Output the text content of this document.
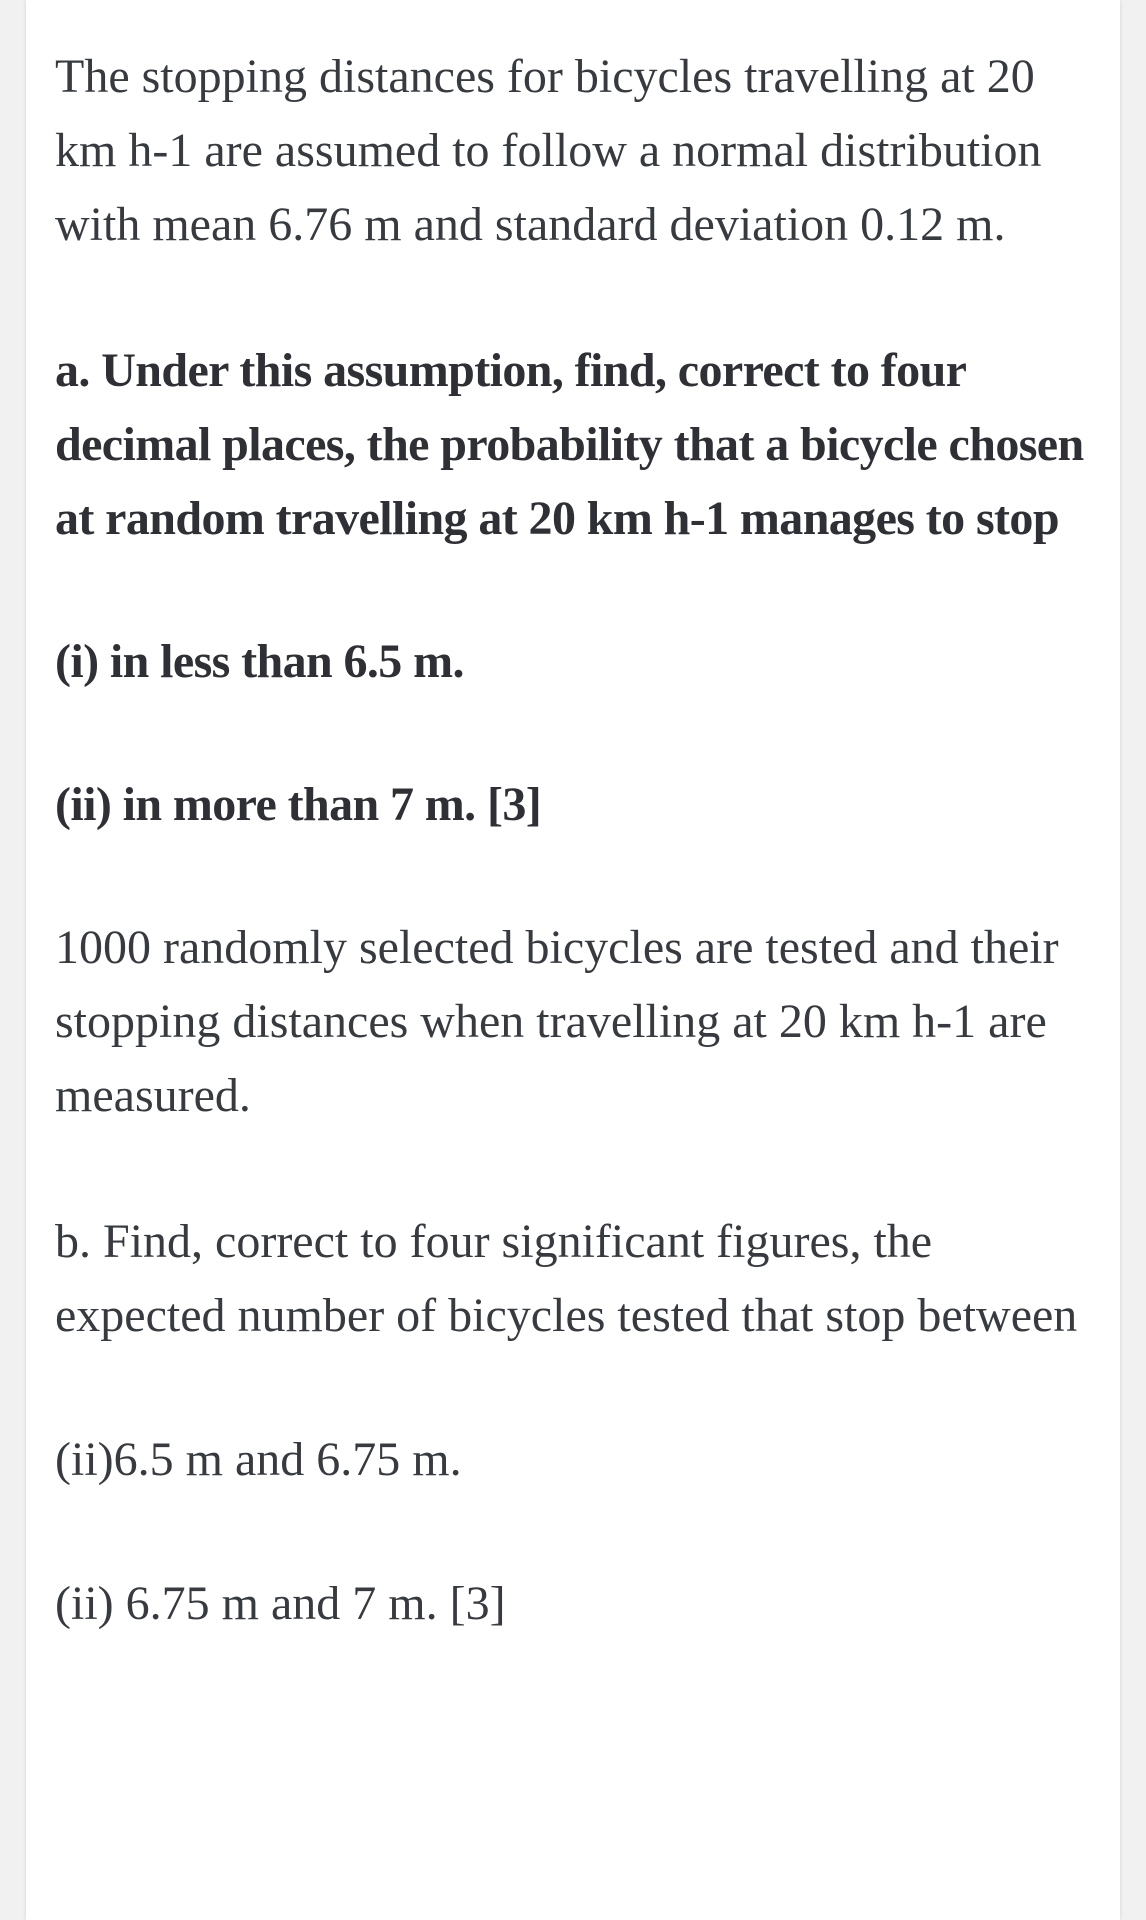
The stopping distances for bicycles travelling at 20 km h-1 are assumed to follow a normal distribution with mean 6.76 m and standard deviation 0.12 m.

a. Under this assumption, find, correct to four decimal places, the probability that a bicycle chosen at random travelling at 20 km h-1 manages to stop

(i) in less than 6.5 m.

(ii) in more than 7 m. [3]

1000 randomly selected bicycles are tested and their stopping distances when travelling at 20 km h-1 are measured.

b. Find, correct to four significant figures, the expected number of bicycles tested that stop between

(ii)6.5 m and 6.75 m.

(ii) 6.75 m and 7 m. [3]
